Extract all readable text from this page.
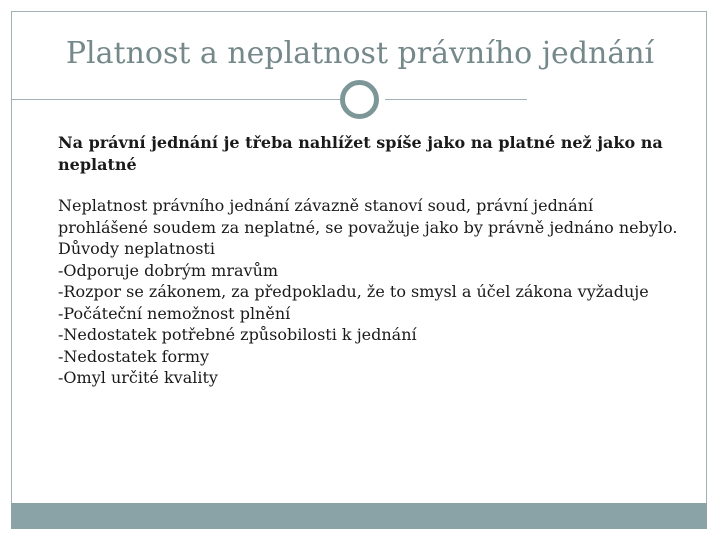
Platnost a neplatnost právního jednání

Na právní jednání je třeba nahlížet spíše jako na platné než jako na neplatné

Neplatnost právního jednání závazně stanoví soud, právní jednání prohlášené soudem za neplatné, se považuje jako by právně jednáno nebylo.

Důvody neplatnosti
-Odporuje dobrým mravům
-Rozpor se zákonem, za předpokladu, že to smysl a účel zákona vyžaduje
-Počáteční nemožnost plnění
-Nedostatek potřebné způsobilosti k jednání
-Nedostatek formy
-Omyl určité kvality
